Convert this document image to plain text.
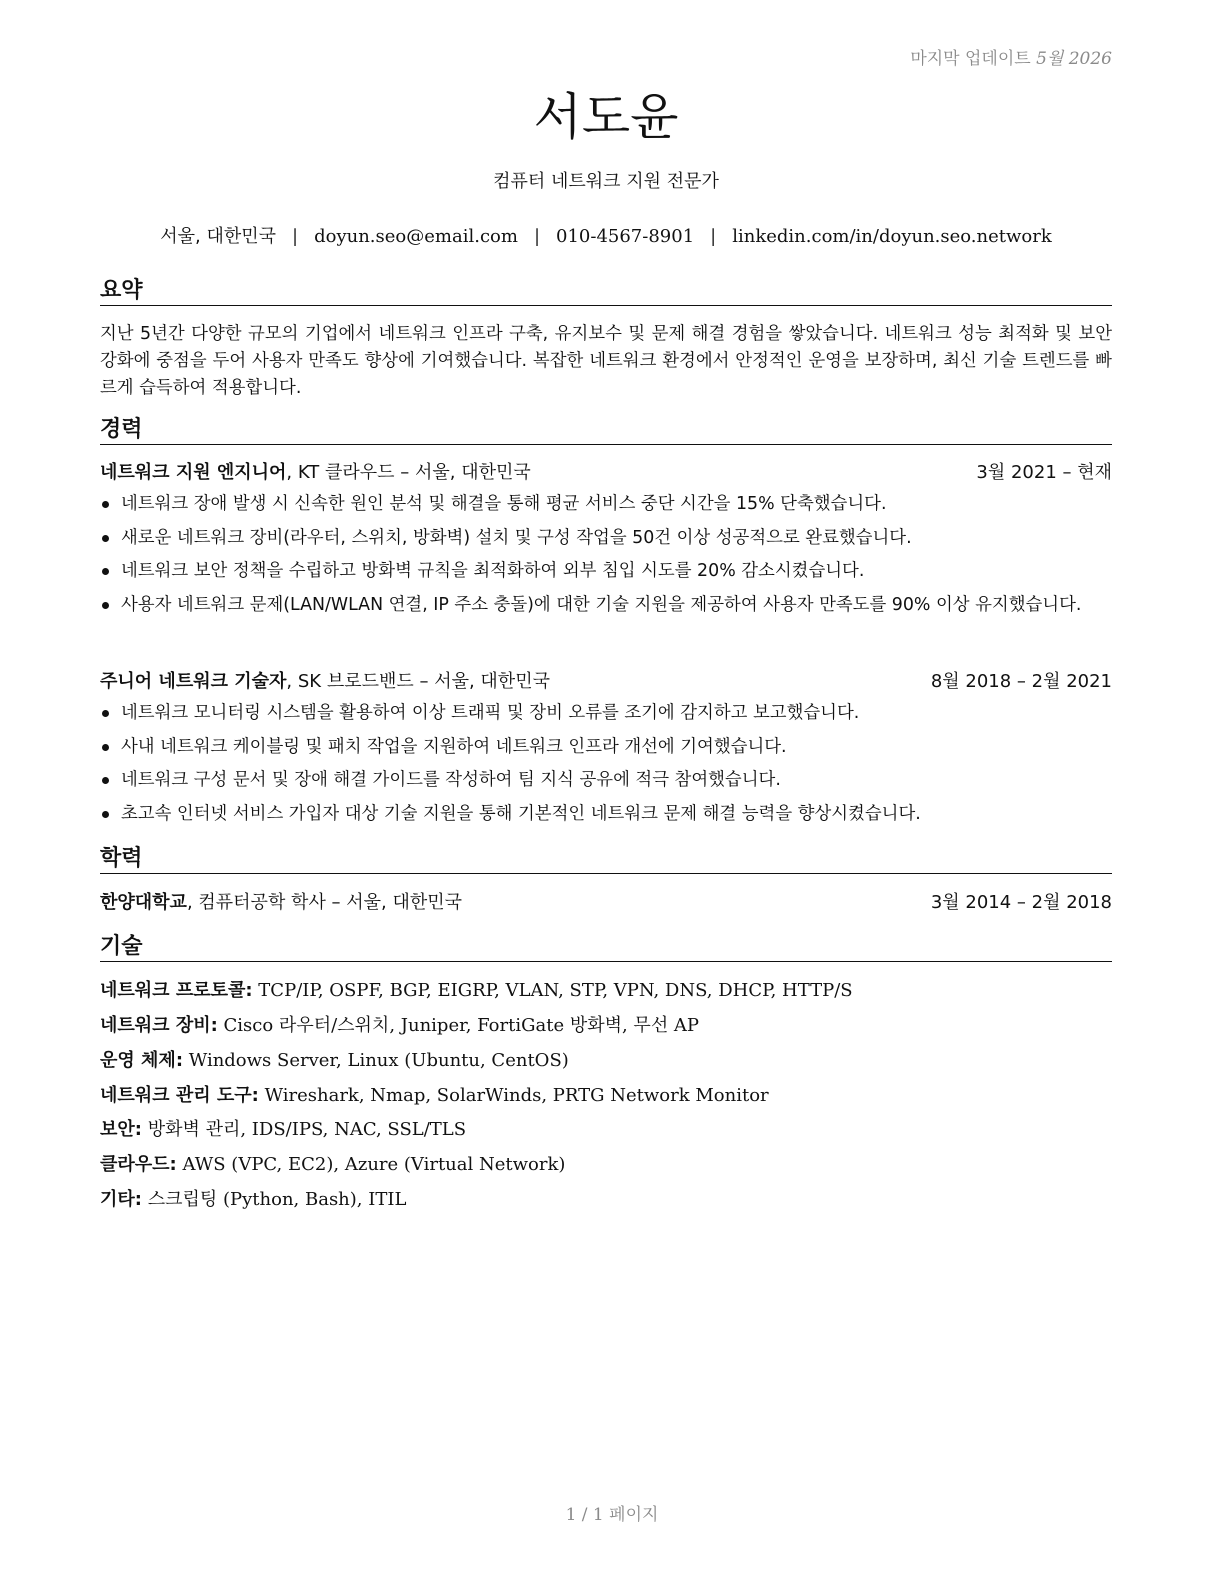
마지막 업데이트 5월 2026
서도윤
컴퓨터 네트워크 지원 전문가
서울, 대한민국 | doyun.seo@email.com | 010-4567-8901 | linkedin.com/in/doyun.seo.network
요약
지난 5년간 다양한 규모의 기업에서 네트워크 인프라 구축, 유지보수 및 문제 해결 경험을 쌓았습니다. 네트워크 성능 최적화 및 보안 강화에 중점을 두어 사용자 만족도 향상에 기여했습니다. 복잡한 네트워크 환경에서 안정적인 운영을 보장하며, 최신 기술 트렌드를 빠르게 습득하여 적용합니다.
경력
네트워크 지원 엔지니어, KT 클라우드 – 서울, 대한민국	3월 2021 – 현재
네트워크 장애 발생 시 신속한 원인 분석 및 해결을 통해 평균 서비스 중단 시간을 15% 단축했습니다.
새로운 네트워크 장비(라우터, 스위치, 방화벽) 설치 및 구성 작업을 50건 이상 성공적으로 완료했습니다.
네트워크 보안 정책을 수립하고 방화벽 규칙을 최적화하여 외부 침입 시도를 20% 감소시켰습니다.
사용자 네트워크 문제(LAN/WLAN 연결, IP 주소 충돌)에 대한 기술 지원을 제공하여 사용자 만족도를 90% 이상 유지했습니다.
주니어 네트워크 기술자, SK 브로드밴드 – 서울, 대한민국	8월 2018 – 2월 2021
네트워크 모니터링 시스템을 활용하여 이상 트래픽 및 장비 오류를 조기에 감지하고 보고했습니다.
사내 네트워크 케이블링 및 패치 작업을 지원하여 네트워크 인프라 개선에 기여했습니다.
네트워크 구성 문서 및 장애 해결 가이드를 작성하여 팀 지식 공유에 적극 참여했습니다.
초고속 인터넷 서비스 가입자 대상 기술 지원을 통해 기본적인 네트워크 문제 해결 능력을 향상시켰습니다.
학력
한양대학교, 컴퓨터공학 학사 – 서울, 대한민국	3월 2014 – 2월 2018
기술
네트워크 프로토콜: TCP/IP, OSPF, BGP, EIGRP, VLAN, STP, VPN, DNS, DHCP, HTTP/S
네트워크 장비: Cisco 라우터/스위치, Juniper, FortiGate 방화벽, 무선 AP
운영 체제: Windows Server, Linux (Ubuntu, CentOS)
네트워크 관리 도구: Wireshark, Nmap, SolarWinds, PRTG Network Monitor
보안: 방화벽 관리, IDS/IPS, NAC, SSL/TLS
클라우드: AWS (VPC, EC2), Azure (Virtual Network)
기타: 스크립팅 (Python, Bash), ITIL
1 / 1 페이지
